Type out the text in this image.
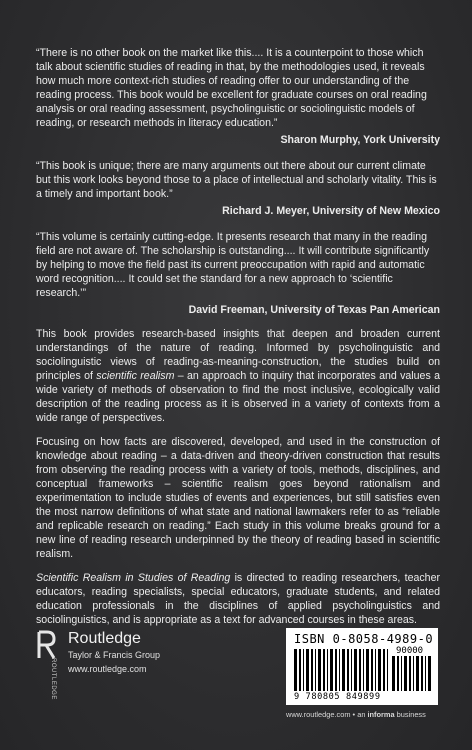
“There is no other book on the market like this.... It is a counterpoint to those which talk about scientific studies of reading in that, by the methodologies used, it reveals how much more context-rich studies of reading offer to our understanding of the reading process. This book would be excellent for graduate courses on oral reading analysis or oral reading assessment, psycholinguistic or sociolinguistic models of reading, or research methods in literacy education.”

Sharon Murphy, York University

“This book is unique; there are many arguments out there about our current climate but this work looks beyond those to a place of intellectual and scholarly vitality. This is a timely and important book.”

Richard J. Meyer, University of New Mexico

“This volume is certainly cutting-edge. It presents research that many in the reading field are not aware of. The scholarship is outstanding.... It will contribute significantly by helping to move the field past its current preoccupation with rapid and automatic word recognition.... It could set the standard for a new approach to ‘scientific research.’”

David Freeman, University of Texas Pan American

This book provides research-based insights that deepen and broaden current understandings of the nature of reading. Informed by psycholinguistic and sociolinguistic views of reading-as-meaning-construction, the studies build on principles of scientific realism – an approach to inquiry that incorporates and values a wide variety of methods of observation to find the most inclusive, ecologically valid description of the reading process as it is observed in a variety of contexts from a wide range of perspectives.

Focusing on how facts are discovered, developed, and used in the construction of knowledge about reading – a data-driven and theory-driven construction that results from observing the reading process with a variety of tools, methods, disciplines, and conceptual frameworks – scientific realism goes beyond rationalism and experimentation to include studies of events and experiences, but still satisfies even the most narrow definitions of what state and national lawmakers refer to as “reliable and replicable research on reading.” Each study in this volume breaks ground for a new line of reading research underpinned by the theory of reading based in scientific realism.

Scientific Realism in Studies of Reading is directed to reading researchers, teacher educators, reading specialists, special educators, graduate students, and related education professionals in the disciplines of applied psycholinguistics and sociolinguistics, and is appropriate as a text for advanced courses in these areas.

ROUTLEDGE
Routledge
Taylor & Francis Group
www.routledge.com
ISBN 0-8058-4989-0
90000
9 780805 849899
www.routledge.com • an informa business
